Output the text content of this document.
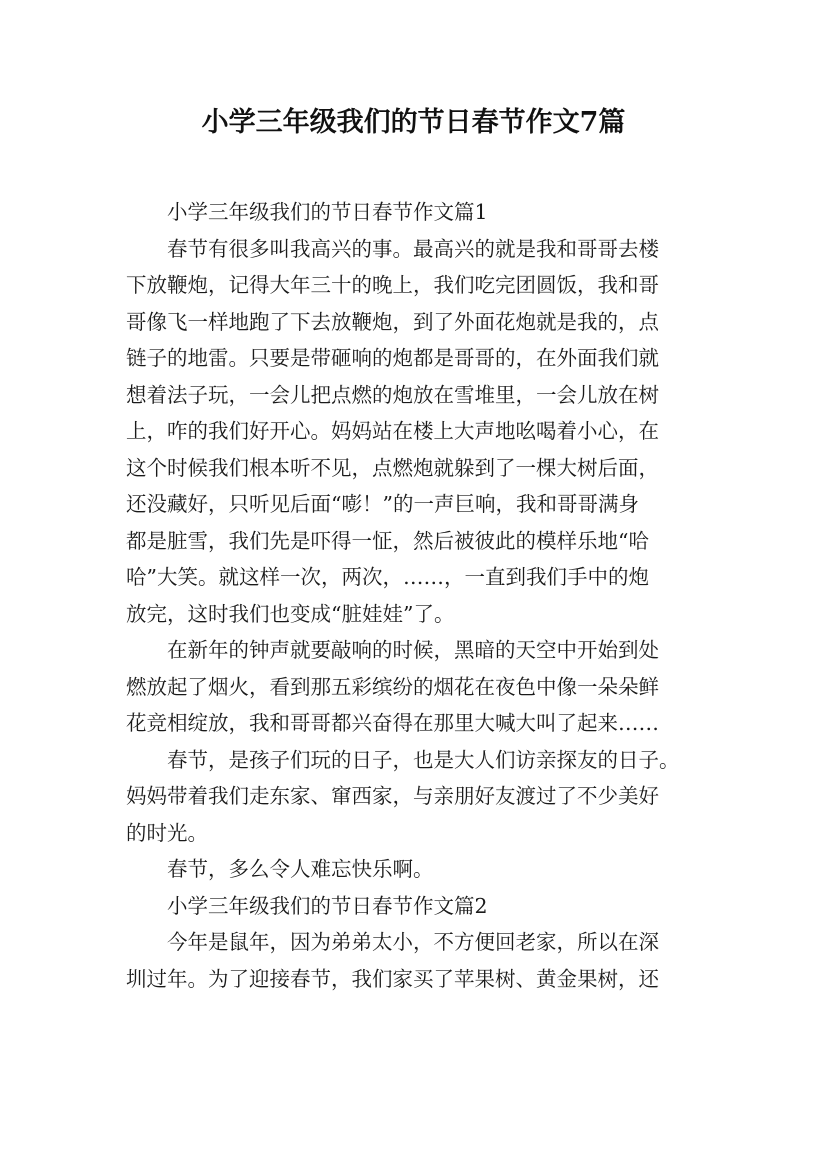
小学三年级我们的节日春节作文7篇

小学三年级我们的节日春节作文篇1

春节有很多叫我高兴的事。最高兴的就是我和哥哥去楼
下放鞭炮，记得大年三十的晚上，我们吃完团圆饭，我和哥
哥像飞一样地跑了下去放鞭炮，到了外面花炮就是我的，点
链子的地雷。只要是带砸响的炮都是哥哥的，在外面我们就
想着法子玩，一会儿把点燃的炮放在雪堆里，一会儿放在树
上，咋的我们好开心。妈妈站在楼上大声地吆喝着小心，在
这个时候我们根本听不见，点燃炮就躲到了一棵大树后面，
还没藏好，只听见后面“嘭！”的一声巨响，我和哥哥满身
都是脏雪，我们先是吓得一怔，然后被彼此的模样乐地“哈
哈”大笑。就这样一次，两次，……，一直到我们手中的炮
放完，这时我们也变成“脏娃娃”了。

在新年的钟声就要敲响的时候，黑暗的天空中开始到处
燃放起了烟火，看到那五彩缤纷的烟花在夜色中像一朵朵鲜
花竞相绽放，我和哥哥都兴奋得在那里大喊大叫了起来……

春节，是孩子们玩的日子，也是大人们访亲探友的日子。
妈妈带着我们走东家、窜西家，与亲朋好友渡过了不少美好
的时光。

春节，多么令人难忘快乐啊。

小学三年级我们的节日春节作文篇2

今年是鼠年，因为弟弟太小，不方便回老家，所以在深
圳过年。为了迎接春节，我们家买了苹果树、黄金果树，还
